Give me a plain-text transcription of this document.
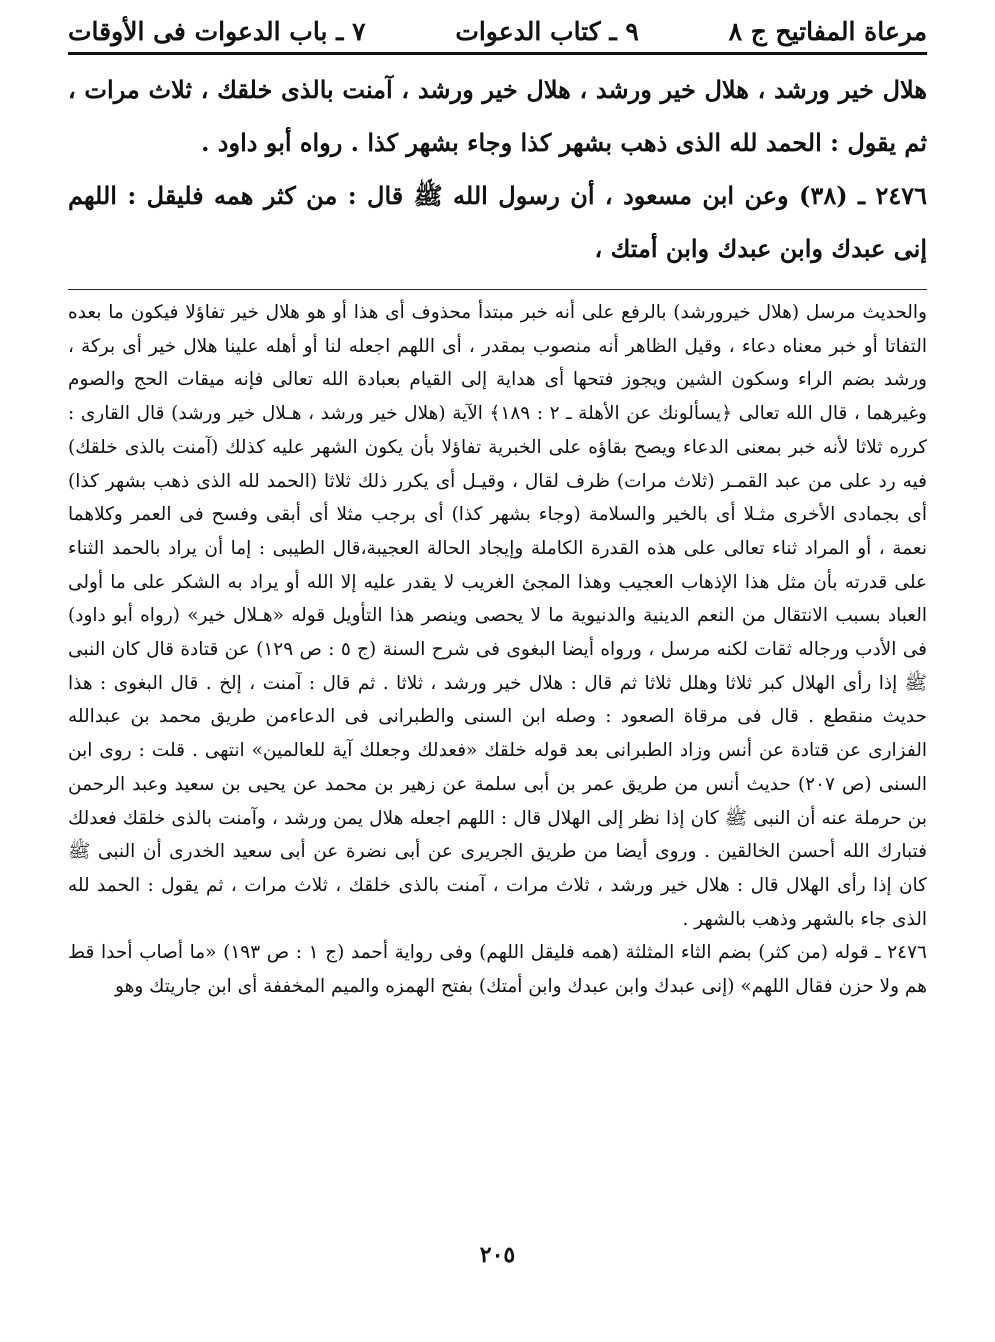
مرعاة المفاتيح ج ٨
٩ ـ كتاب الدعوات
٧ ـ باب الدعوات فى الأوقات

هلال خير ورشد ، هلال خير ورشد ، هلال خير ورشد ، آمنت بالذى خلقك ، ثلاث مرات ، ثم يقول : الحمد لله الذى ذهب بشهر كذا وجاء بشهر كذا . رواه أبو داود .

٢٤٧٦ ـ (٣٨) وعن ابن مسعود ، أن رسول الله ﷺ قال : من كثر همه فليقل : اللهم إنى عبدك وابن عبدك وابن أمتك ،

والحديث مرسل (هلال خيرورشد) بالرفع على أنه خبر مبتدأ محذوف أى هذا أو هو هلال خير تفاؤلا فيكون ما بعده التفاتا أو خبر معناه دعاء ، وقيل الظاهر أنه منصوب بمقدر ، أى اللهم اجعله لنا أو أهله علينا هلال خير أى بركة ، ورشد بضم الراء وسكون الشين ويجوز فتحها أى هداية إلى القيام بعبادة الله تعالى فإنه ميقات الحج والصوم وغيرهما ، قال الله تعالى ﴿يسألونك عن الأهلة ـ ٢ : ١٨٩﴾ الآية (هلال خير ورشد ، هـلال خير ورشد) قال القارى : كرره ثلاثا لأنه خبر بمعنى الدعاء ويصح بقاؤه على الخبرية تفاؤلا بأن يكون الشهر عليه كذلك (آمنت بالذى خلقك) فيه رد على من عبد القمـر (ثلاث مرات) ظرف لقال ، وقيـل أى يكرر ذلك ثلاثا (الحمد لله الذى ذهب بشهر كذا) أى بجمادى الأخرى مثـلا أى بالخير والسلامة (وجاء بشهر كذا) أى برجب مثلا أى أبقى وفسح فى العمر وكلاهما نعمة ، أو المراد ثناء تعالى على هذه القدرة الكاملة وإيجاد الحالة العجيبة،قال الطيبى : إما أن يراد بالحمد الثناء على قدرته بأن مثل هذا الإذهاب العجيب وهذا المجئ الغريب لا يقدر عليه إلا الله أو يراد به الشكر على ما أولى العباد بسبب الانتقال من النعم الدينية والدنيوية ما لا يحصى وينصر هذا التأويل قوله «هـلال خير» (رواه أبو داود) فى الأدب ورجاله ثقات لكنه مرسل ، ورواه أيضا البغوى فى شرح السنة (ج ٥ : ص ١٢٩) عن قتادة قال كان النبى ﷺ إذا رأى الهلال كبر ثلاثا وهلل ثلاثا ثم قال : هلال خير ورشد ، ثلاثا . ثم قال : آمنت ، إلخ . قال البغوى : هذا حديث منقطع . قال فى مرقاة الصعود : وصله ابن السنى والطبرانى فى الدعاءمن طريق محمد بن عبدالله الفزارى عن قتادة عن أنس وزاد الطبرانى بعد قوله خلقك «فعدلك وجعلك آية للعالمين» انتهى . قلت : روى ابن السنى (ص ٢٠٧) حديث أنس من طريق عمر بن أبى سلمة عن زهير بن محمد عن يحيى بن سعيد وعبد الرحمن بن حرملة عنه أن النبى ﷺ كان إذا نظر إلى الهلال قال : اللهم اجعله هلال يمن ورشد ، وآمنت بالذى خلقك فعدلك فتبارك الله أحسن الخالقين . وروى أيضا من طريق الجريرى عن أبى نضرة عن أبى سعيد الخدرى أن النبى ﷺ كان إذا رأى الهلال قال : هلال خير ورشد ، ثلاث مرات ، آمنت بالذى خلقك ، ثلاث مرات ، ثم يقول : الحمد لله الذى جاء بالشهر وذهب بالشهر .

٢٤٧٦ ـ قوله (من كثر) بضم الثاء المثلثة (همه فليقل اللهم) وفى رواية أحمد (ج ١ : ص ١٩٣) «ما أصاب أحدا قط هم ولا حزن فقال اللهم» (إنى عبدك وابن عبدك وابن أمتك) بفتح الهمزه والميم المخففة أى ابن جاريتك وهو

٢٠٥
